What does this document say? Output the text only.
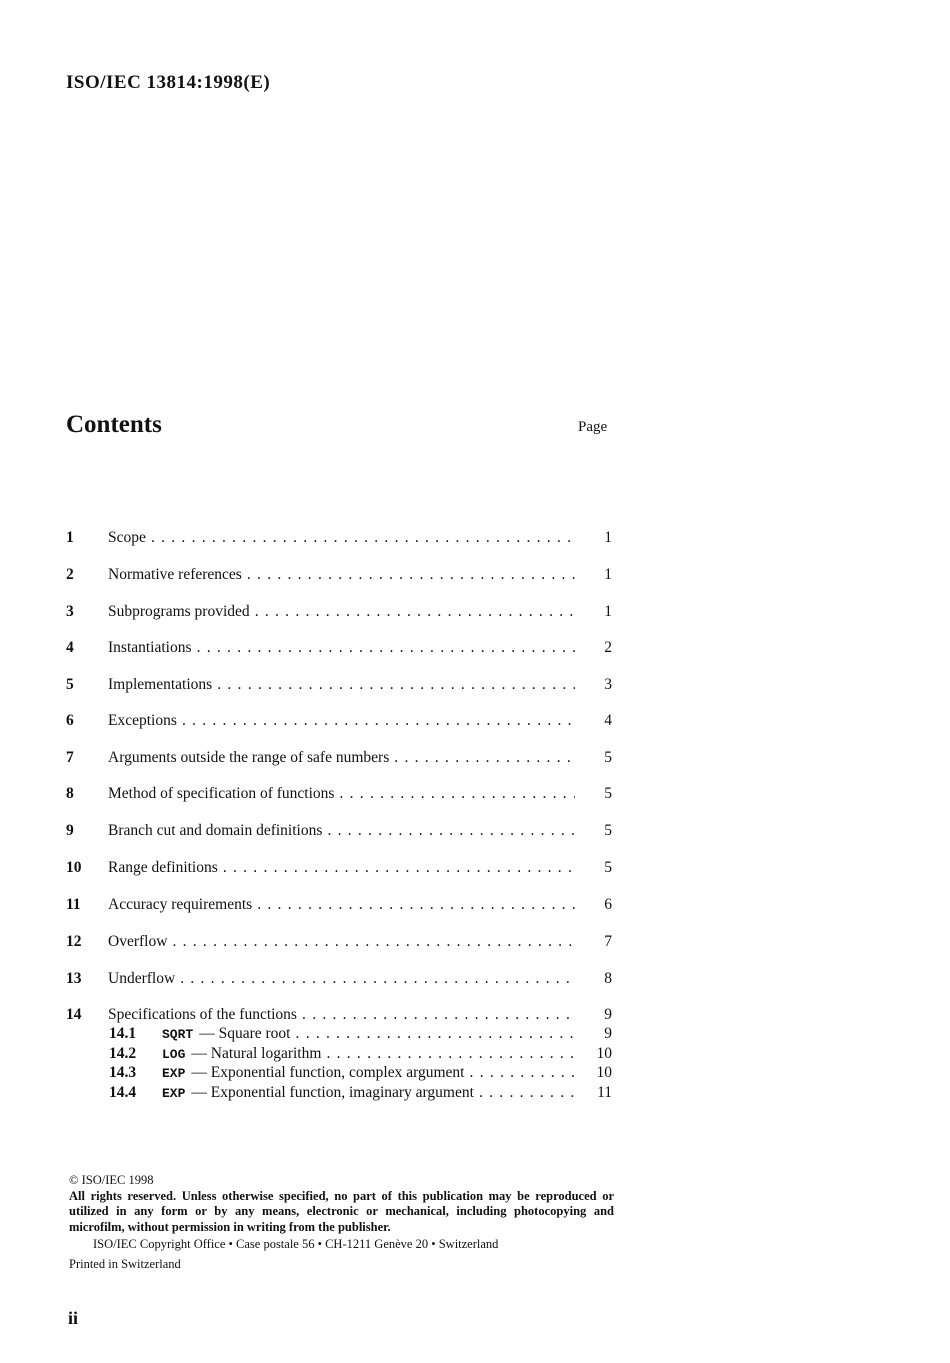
ISO/IEC 13814:1998(E)
Contents	Page
1	Scope . . .	1
2	Normative references . . .	1
3	Subprograms provided . . .	1
4	Instantiations . . .	2
5	Implementations . . .	3
6	Exceptions . . .	4
7	Arguments outside the range of safe numbers . . .	5
8	Method of specification of functions . . .	5
9	Branch cut and domain definitions . . .	5
10	Range definitions . . .	5
11	Accuracy requirements . . .	6
12	Overflow . . .	7
13	Underflow . . .	8
14	Specifications of the functions . . .	9
14.1	SQRT — Square root . . .	9
14.2	LOG — Natural logarithm . . .	10
14.3	EXP — Exponential function, complex argument . . .	10
14.4	EXP — Exponential function, imaginary argument . . .	11
© ISO/IEC 1998
All rights reserved. Unless otherwise specified, no part of this publication may be reproduced or utilized in any form or by any means, electronic or mechanical, including photocopying and microfilm, without permission in writing from the publisher.
ISO/IEC Copyright Office • Case postale 56 • CH-1211 Genève 20 • Switzerland
Printed in Switzerland
ii
